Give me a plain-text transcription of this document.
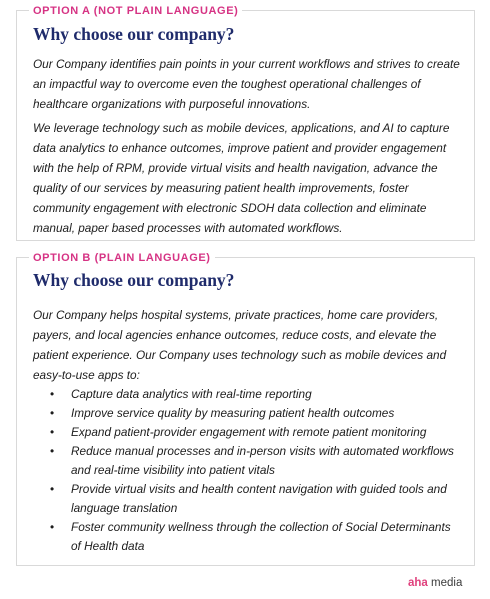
OPTION A (NOT PLAIN LANGUAGE)
Why choose our company?

Our Company identifies pain points in your current workflows and strives to create an impactful way to overcome even the toughest operational challenges of healthcare organizations with purposeful innovations.

We leverage technology such as mobile devices, applications, and AI to capture data analytics to enhance outcomes, improve patient and provider engagement with the help of RPM, provide virtual visits and health navigation, advance the quality of our services by measuring patient health improvements, foster community engagement with electronic SDOH data collection and eliminate manual, paper based processes with automated workflows.

OPTION B (PLAIN LANGUAGE)
Why choose our company?

Our Company helps hospital systems, private practices, home care providers, payers, and local agencies enhance outcomes, reduce costs, and elevate the patient experience. Our Company uses technology such as mobile devices and easy-to-use apps to:

• Capture data analytics with real-time reporting
• Improve service quality by measuring patient health outcomes
• Expand patient-provider engagement with remote patient monitoring
• Reduce manual processes and in-person visits with automated workflows and real-time visibility into patient vitals
• Provide virtual visits and health content navigation with guided tools and language translation
• Foster community wellness through the collection of Social Determinants of Health data
aha media
